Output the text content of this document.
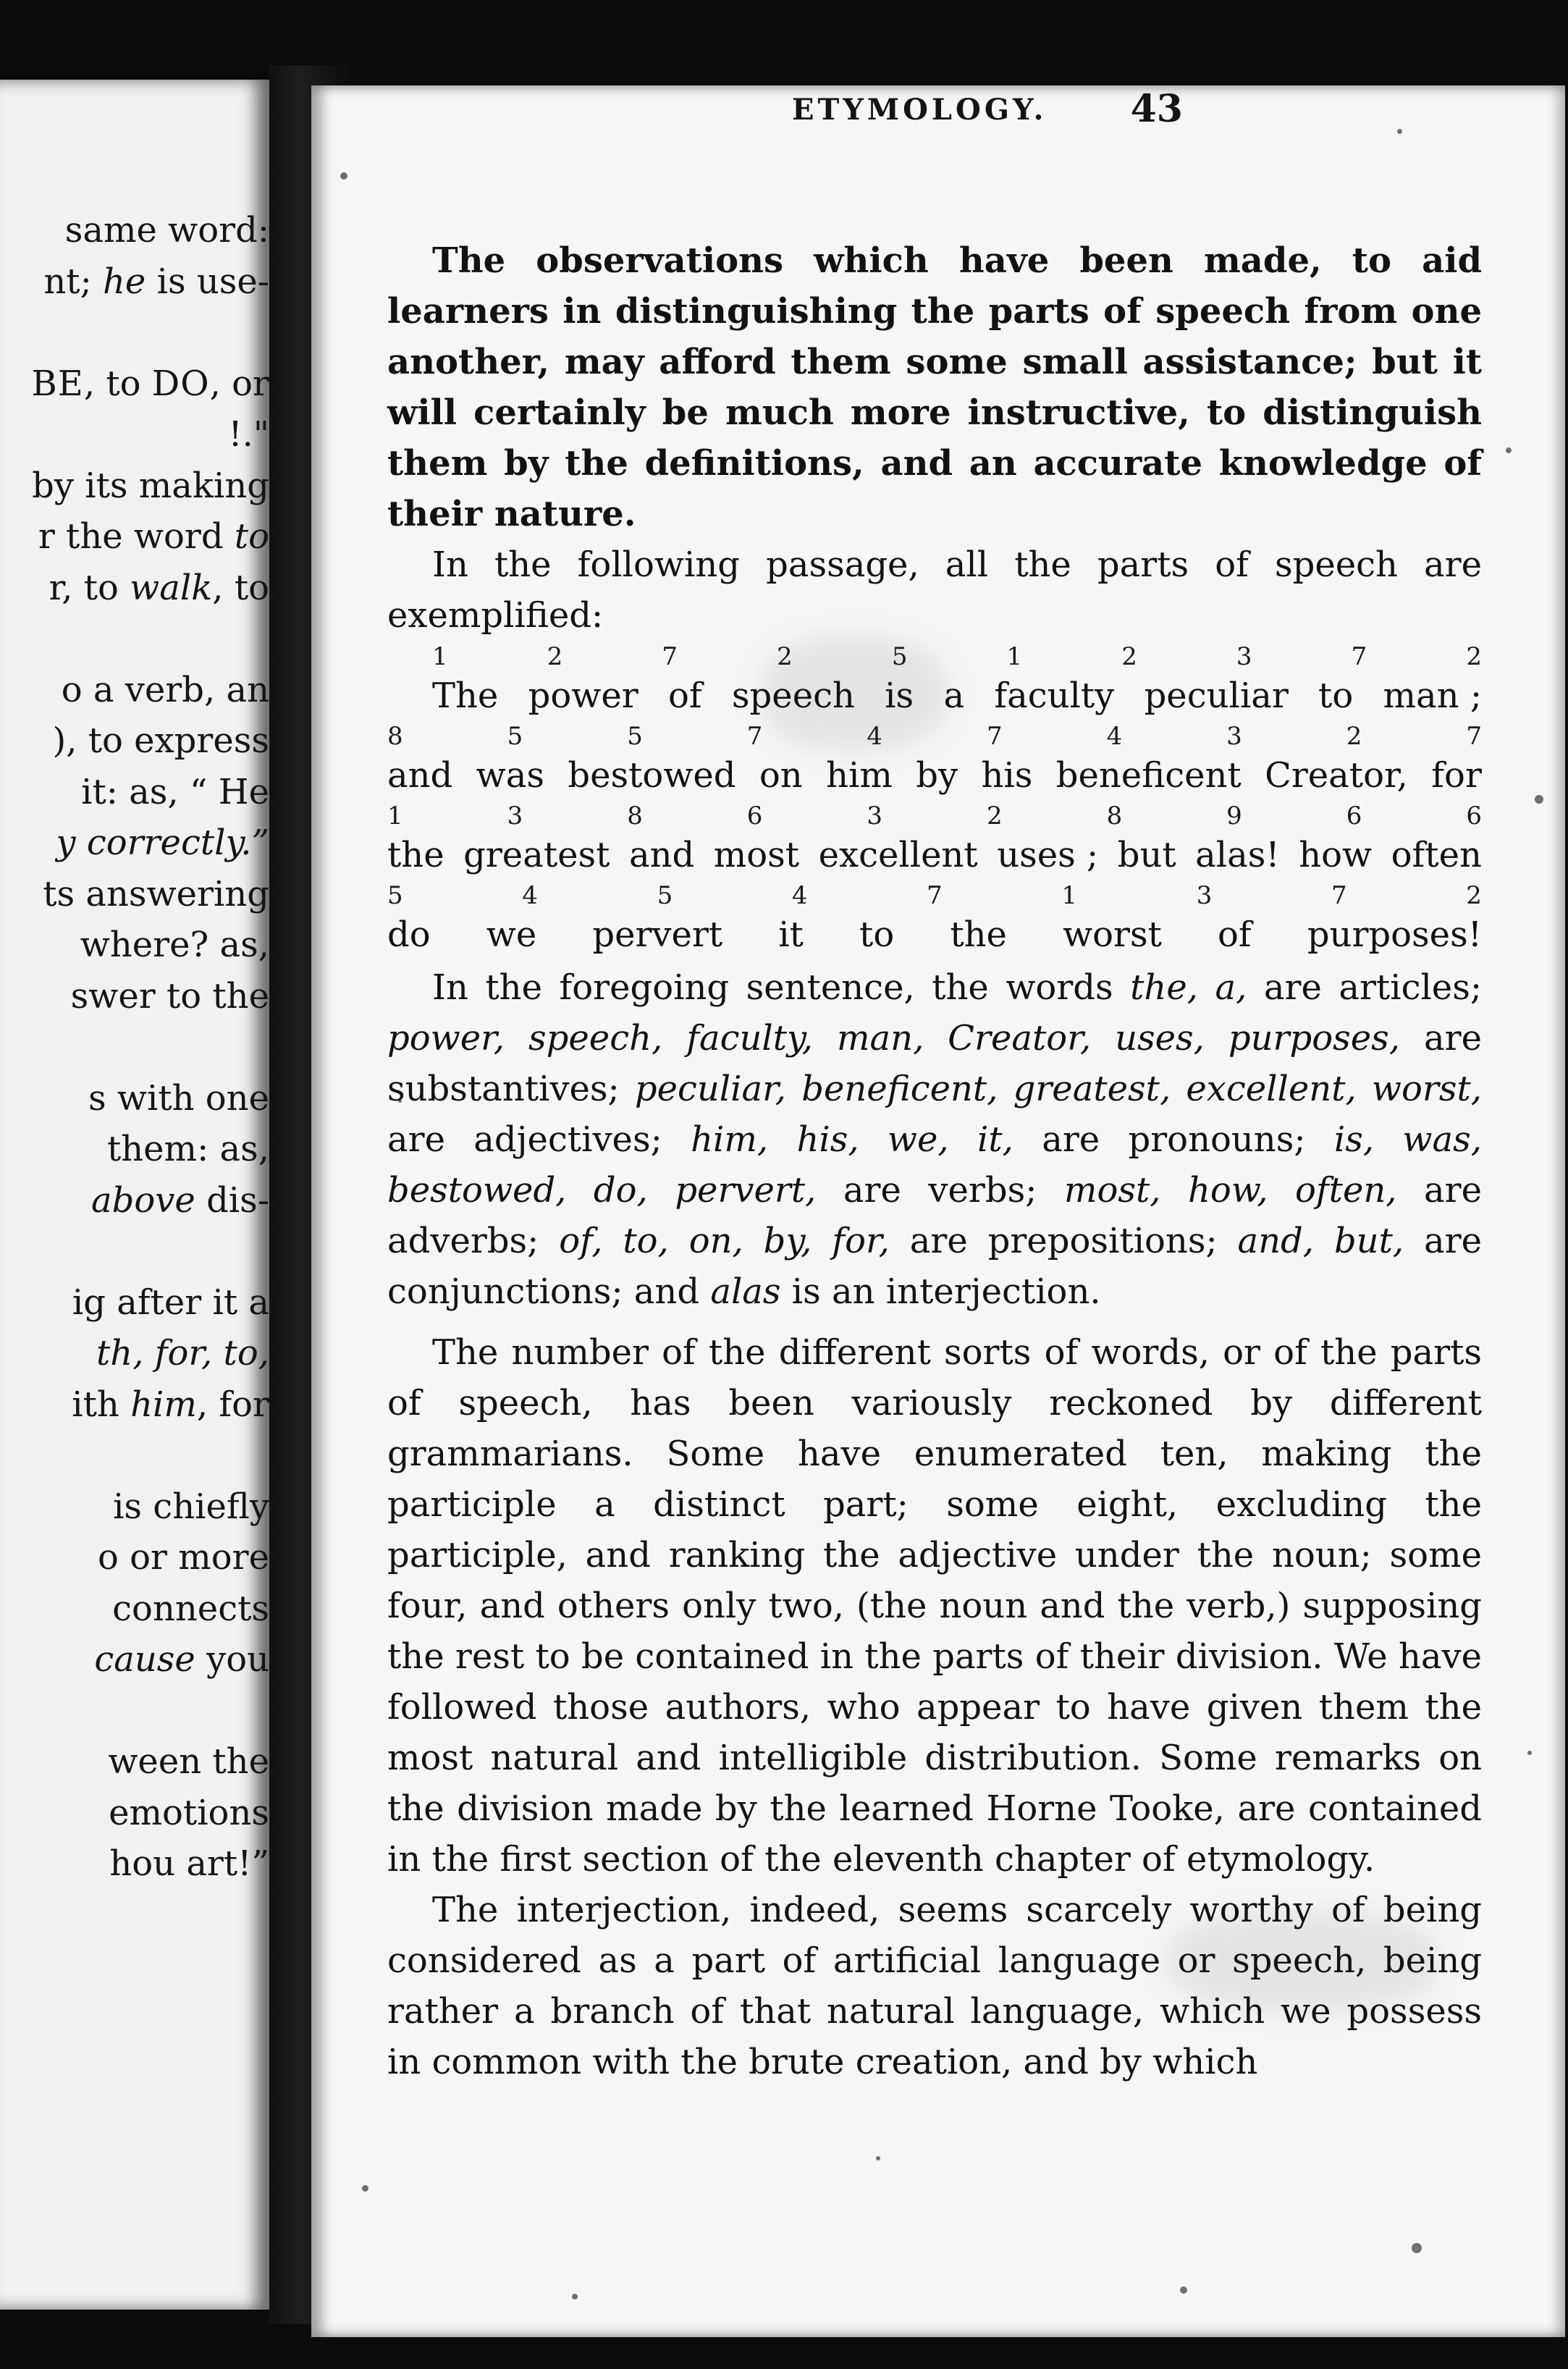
same word:
nt; he is use-
BE, to DO, or
!."
by its making
r the word to
r, to walk, to
o a verb, an
), to express
it: as, “ He
y correctly.”
ts answering
where? as,
swer to the
s with one
them: as,
above dis-
ig after it a
th, for, to,
ith him, for
is chiefly
o or more
connects
cause you
ween the
emotions
hou art!”
ETYMOLOGY. 43

The observations which have been made, to aid learners in distinguishing the parts of speech from one another, may afford them some small assistance; but it will certainly be much more instructive, to distinguish them by the definitions, and an accurate knowledge of their nature.

In the following passage, all the parts of speech are exemplified:

1	2	7	2	5	1	2	3	7	2
The power of speech is a faculty peculiar to man ;
8	5	5	7	4	7	4	3	2	7
and was bestowed on him by his beneficent Creator, for
1	3	8	6	3	2	8	9	6	6
the greatest and most excellent uses ; but alas! how often
5	4	5	4	7	1	3	7	2
do we pervert it to the worst of purposes!

In the foregoing sentence, the words the, a, are articles; power, speech, faculty, man, Creator, uses, purposes, are substantives; peculiar, beneficent, greatest, excellent, worst, are adjectives; him, his, we, it, are pronouns; is, was, bestowed, do, pervert, are verbs; most, how, often, are adverbs; of, to, on, by, for, are prepositions; and, but, are conjunctions; and alas is an interjection.

The number of the different sorts of words, or of the parts of speech, has been variously reckoned by different grammarians. Some have enumerated ten, making the participle a distinct part; some eight, excluding the participle, and ranking the adjective under the noun; some four, and others only two, (the noun and the verb,) supposing the rest to be contained in the parts of their division. We have followed those authors, who appear to have given them the most natural and intelligible distribution. Some remarks on the division made by the learned Horne Tooke, are contained in the first section of the eleventh chapter of etymology.

The interjection, indeed, seems scarcely worthy of being considered as a part of artificial language or speech, being rather a branch of that natural language, which we possess in common with the brute creation, and by which
